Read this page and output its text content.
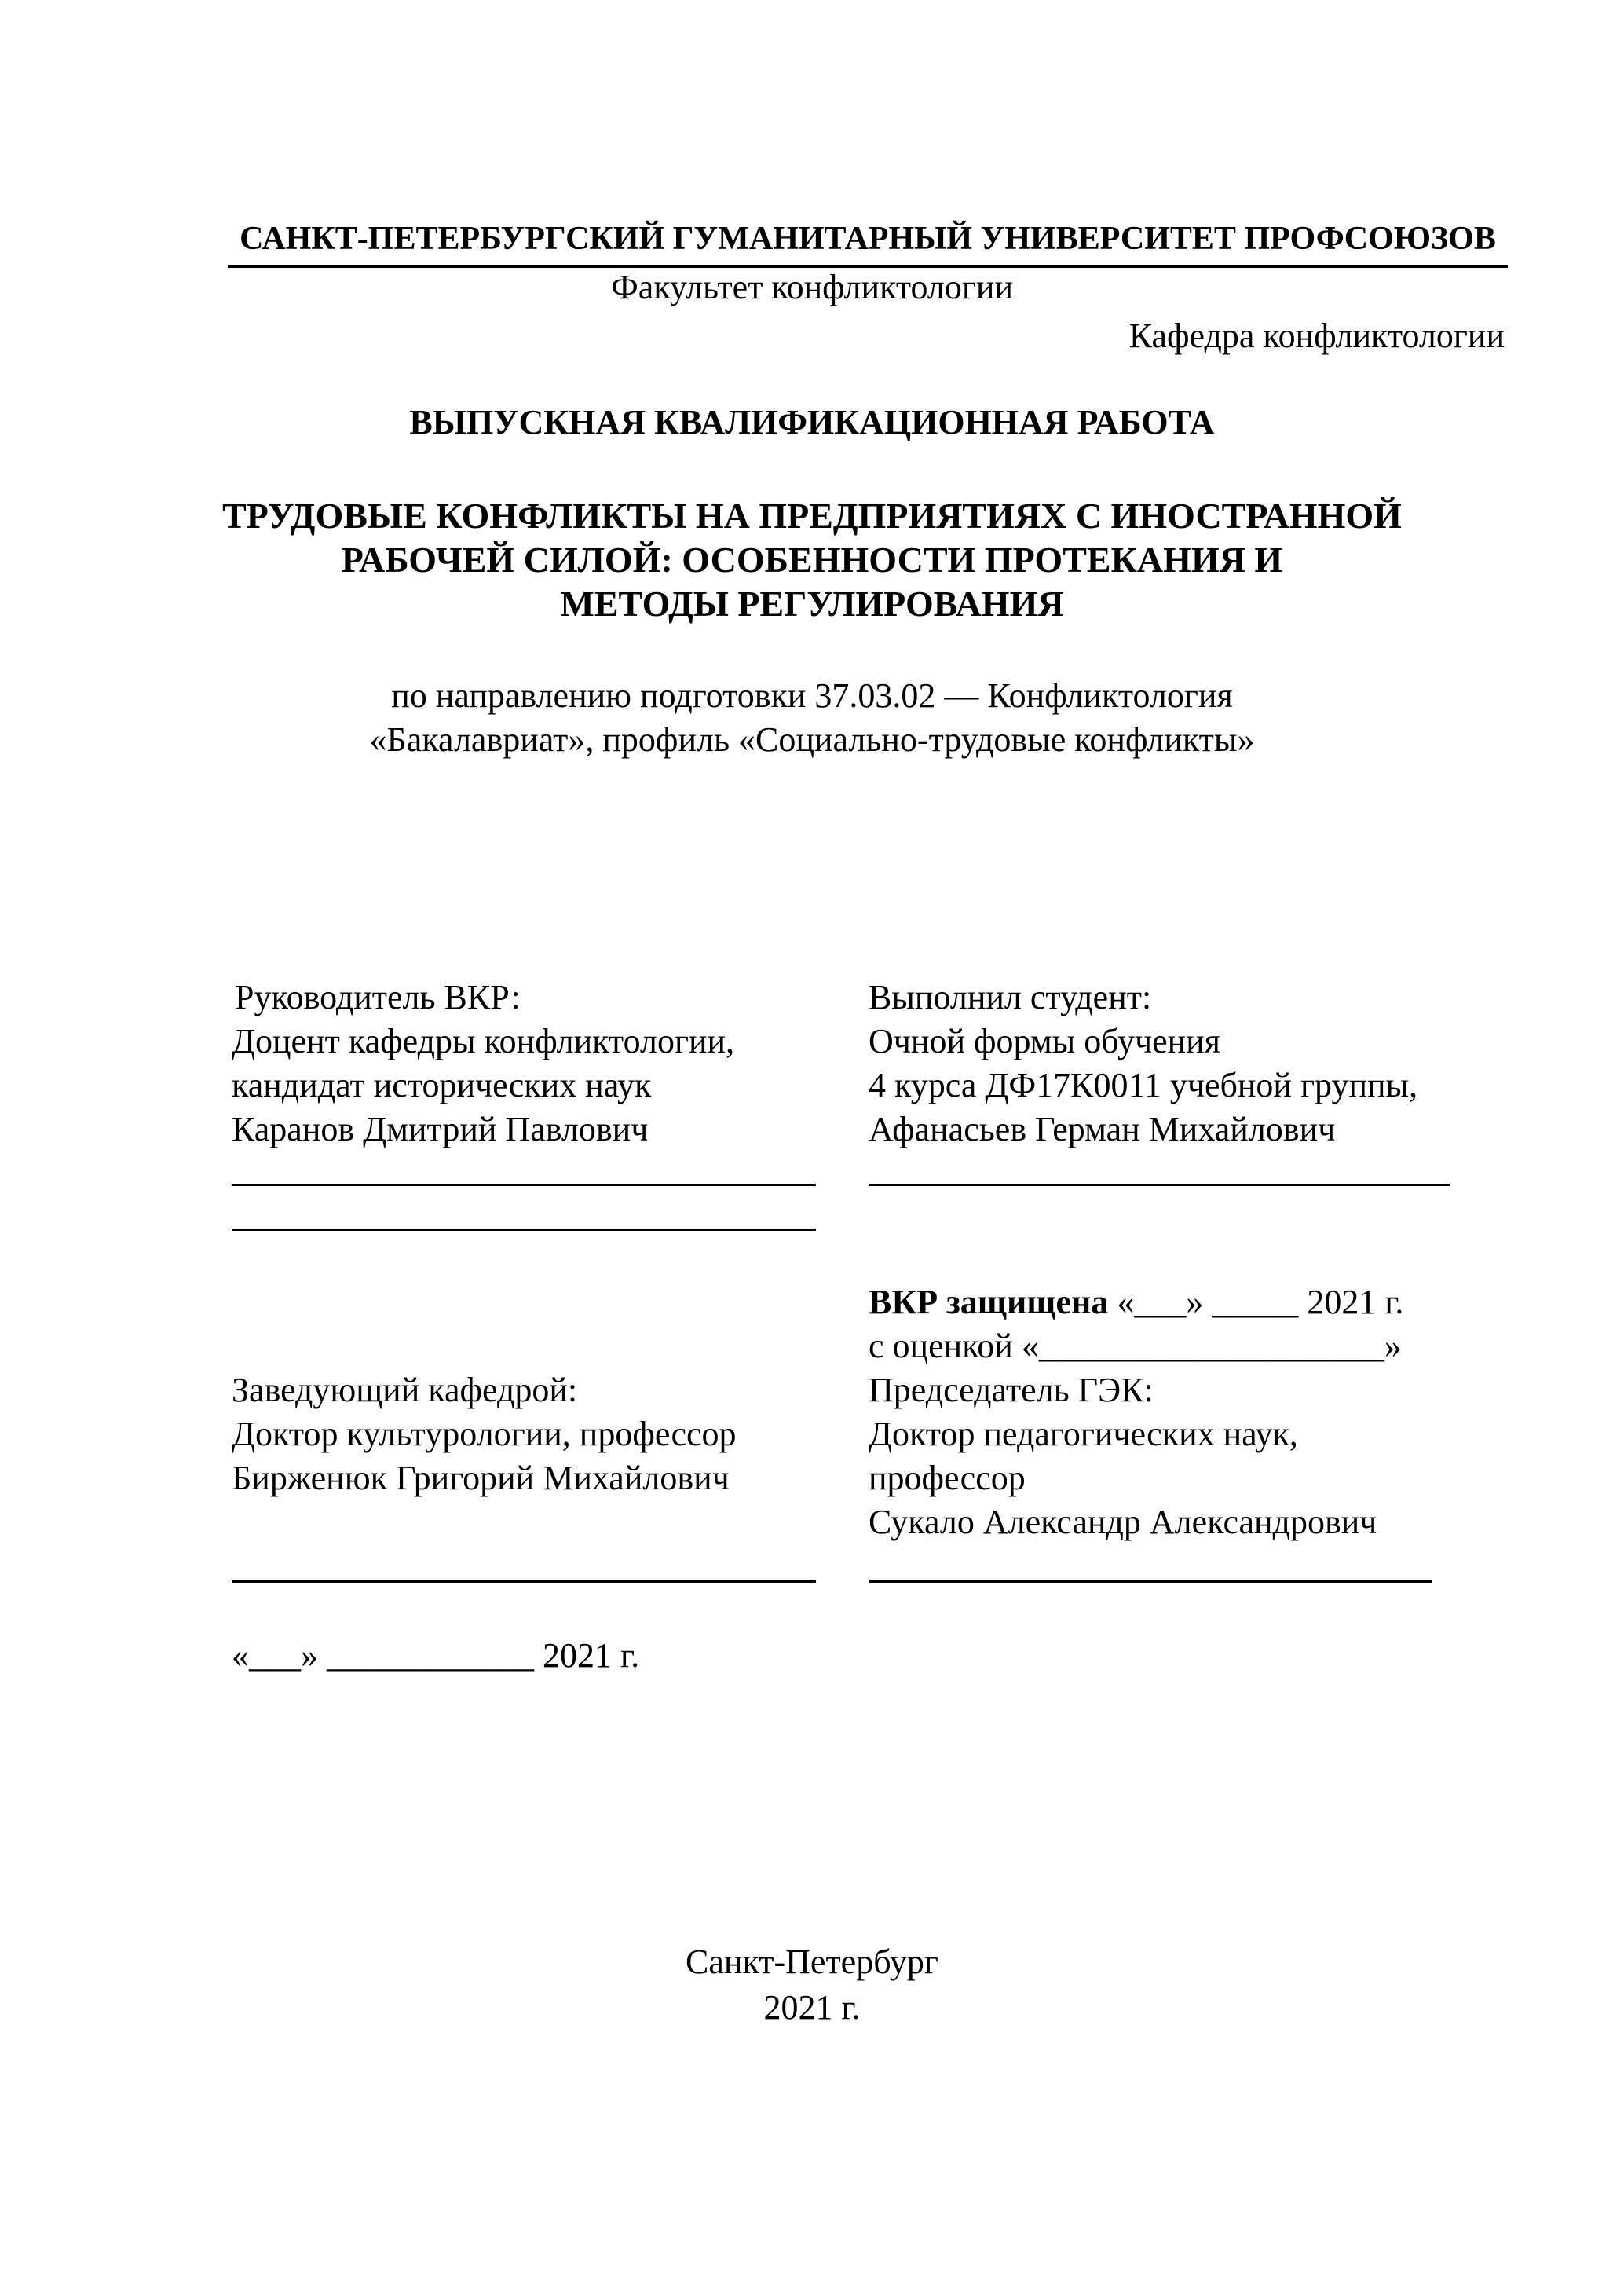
САНКТ-ПЕТЕРБУРГСКИЙ ГУМАНИТАРНЫЙ УНИВЕРСИТЕТ ПРОФСОЮЗОВ
Факультет конфликтологии
Кафедра конфликтологии
ВЫПУСКНАЯ КВАЛИФИКАЦИОННАЯ РАБОТА
ТРУДОВЫЕ КОНФЛИКТЫ НА ПРЕДПРИЯТИЯХ С ИНОСТРАННОЙ
РАБОЧЕЙ СИЛОЙ: ОСОБЕННОСТИ ПРОТЕКАНИЯ И
МЕТОДЫ РЕГУЛИРОВАНИЯ
по направлению подготовки 37.03.02 — Конфликтология
«Бакалавриат», профиль «Социально-трудовые конфликты»
Руководитель ВКР:
Доцент кафедры конфликтологии,
кандидат исторических наук
Каранов Дмитрий Павлович
Заведующий кафедрой:
Доктор культурологии, профессор
Бирженюк Григорий Михайлович
«___» ____________ 2021 г.
Выполнил студент:
Очной формы обучения
4 курса ДФ17К0011 учебной группы,
Афанасьев Герман Михайлович
ВКР защищена «___» _____ 2021 г.
с оценкой «____________________»
Председатель ГЭК:
Доктор педагогических наук,
профессор
Сукало Александр Александрович
Санкт-Петербург
2021 г.
